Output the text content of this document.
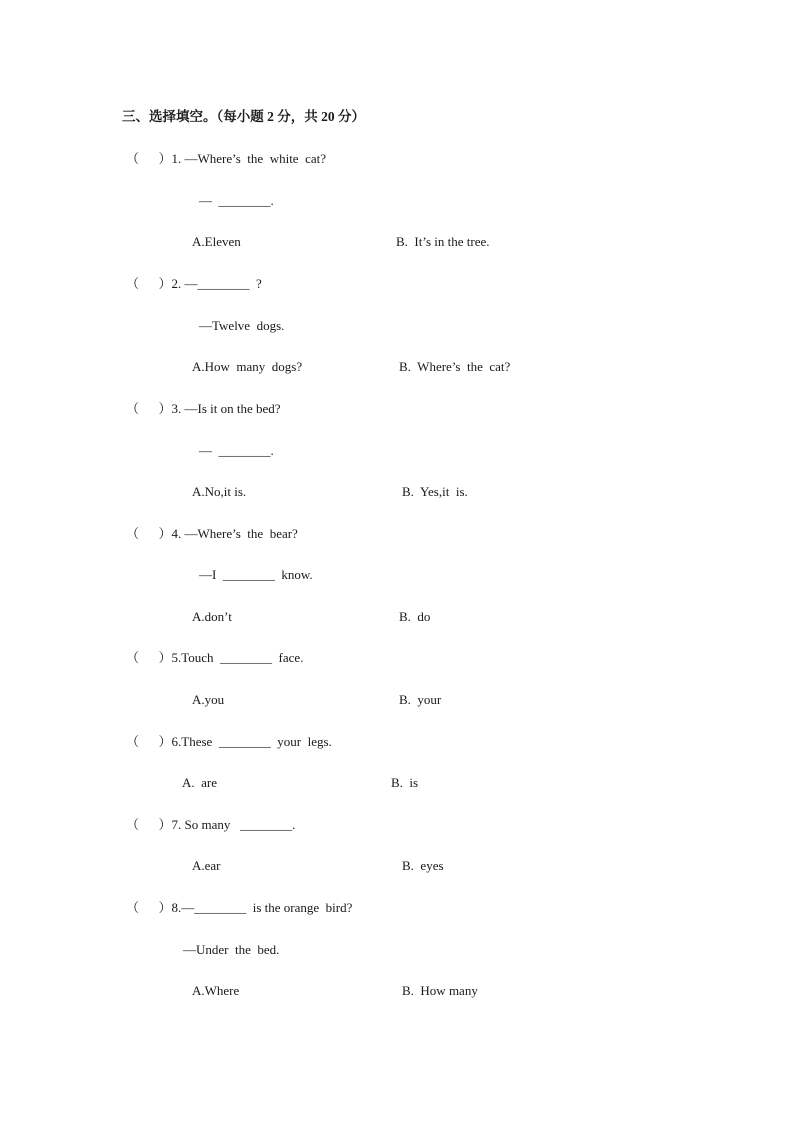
三、选择填空。（每小题 2 分，共 20 分）
（      ）1. —Where’s  the  white  cat?
—  ________.
A.Eleven	B.  It’s in the tree.
（      ）2. —________  ?
—Twelve  dogs.
A.How  many  dogs?	B.  Where’s  the  cat?
（      ）3. —Is it on the bed?
—  ________.
A.No,it is.	B.  Yes,it  is.
（      ）4. —Where’s  the  bear?
—I  ________  know.
A.don’t	B.  do
（      ）5.Touch  ________  face.
A.you	B.  your
（      ）6.These  ________  your  legs.
A.  are	B.  is
（      ）7. So many   ________.
A.ear	B.  eyes
（      ）8.—________  is the orange  bird?
—Under  the  bed.
A.Where	B.  How many
